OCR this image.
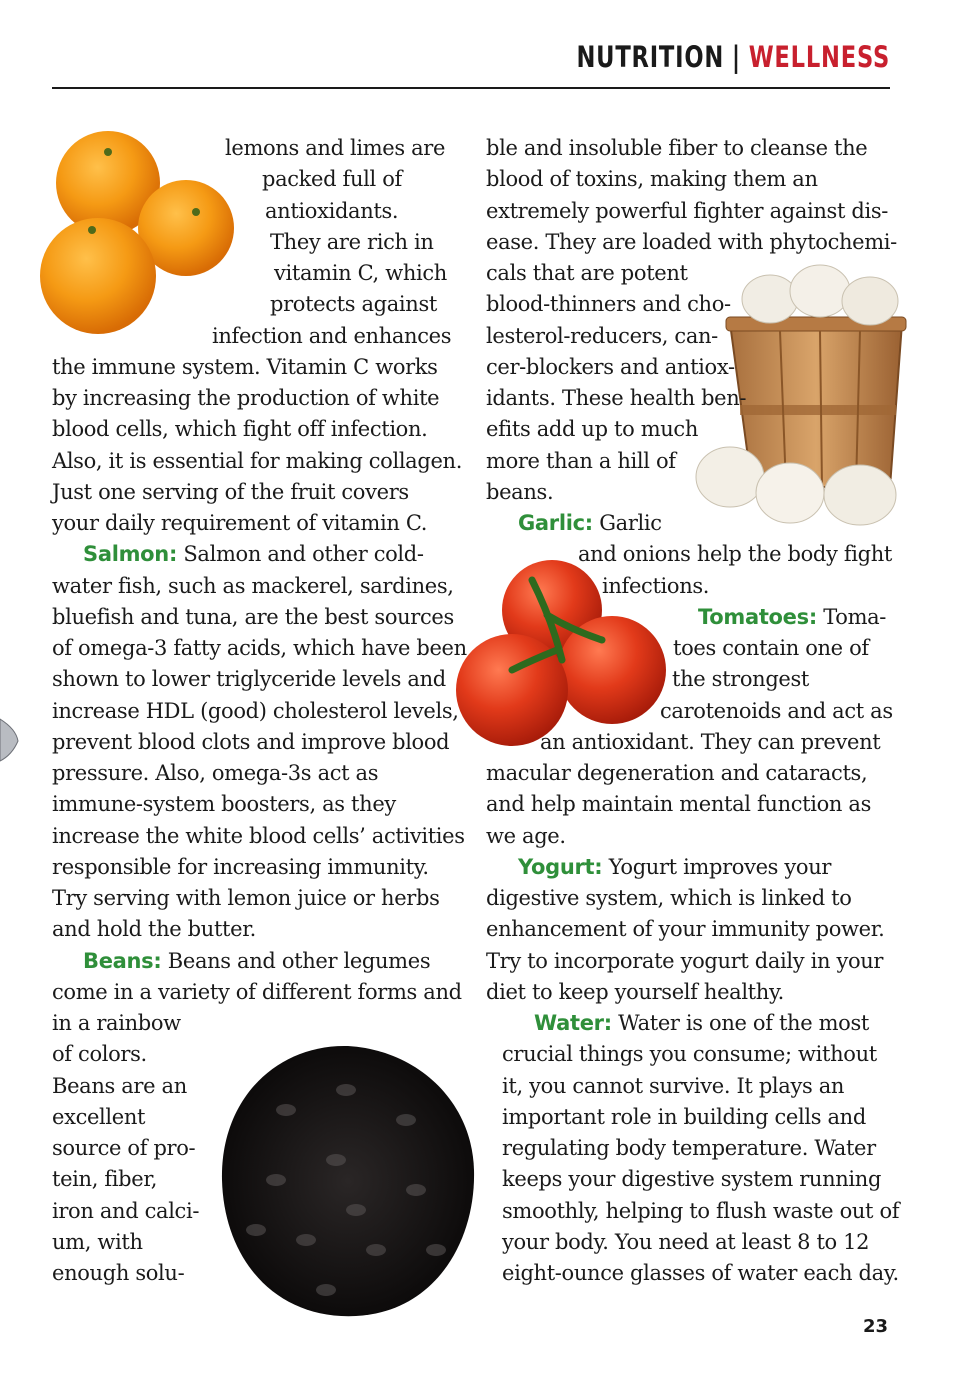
NUTRITION | WELLNESS
lemons and limes are
packed full of
antioxidants.
They are rich in
vitamin C, which
protects against
infection and enhances
the immune system. Vitamin C works
by increasing the production of white
blood cells, which fight off infection.
Also, it is essential for making collagen.
Just one serving of the fruit covers
your daily requirement of vitamin C.
Salmon: Salmon and other cold-
water fish, such as mackerel, sardines,
bluefish and tuna, are the best sources
of omega-3 fatty acids, which have been
shown to lower triglyceride levels and
increase HDL (good) cholesterol levels,
prevent blood clots and improve blood
pressure. Also, omega-3s act as
immune-system boosters, as they
increase the white blood cells’ activities
responsible for increasing immunity.
Try serving with lemon juice or herbs
and hold the butter.
Beans: Beans and other legumes
come in a variety of different forms and
in a rainbow
of colors.
Beans are an
excellent
source of pro-
tein, fiber,
iron and calci-
um, with
enough solu-
ble and insoluble fiber to cleanse the
blood of toxins, making them an
extremely powerful fighter against dis-
ease. They are loaded with phytochemi-
cals that are potent
blood-thinners and cho-
lesterol-reducers, can-
cer-blockers and antiox-
idants. These health ben-
efits add up to much
more than a hill of
beans.
Garlic: Garlic
and onions help the body fight
infections.
Tomatoes: Toma-
toes contain one of
the strongest
carotenoids and act as
an antioxidant. They can prevent
macular degeneration and cataracts,
and help maintain mental function as
we age.
Yogurt: Yogurt improves your
digestive system, which is linked to
enhancement of your immunity power.
Try to incorporate yogurt daily in your
diet to keep yourself healthy.
Water: Water is one of the most
crucial things you consume; without
it, you cannot survive. It plays an
important role in building cells and
regulating body temperature. Water
keeps your digestive system running
smoothly, helping to flush waste out of
your body. You need at least 8 to 12
eight-ounce glasses of water each day.
23
